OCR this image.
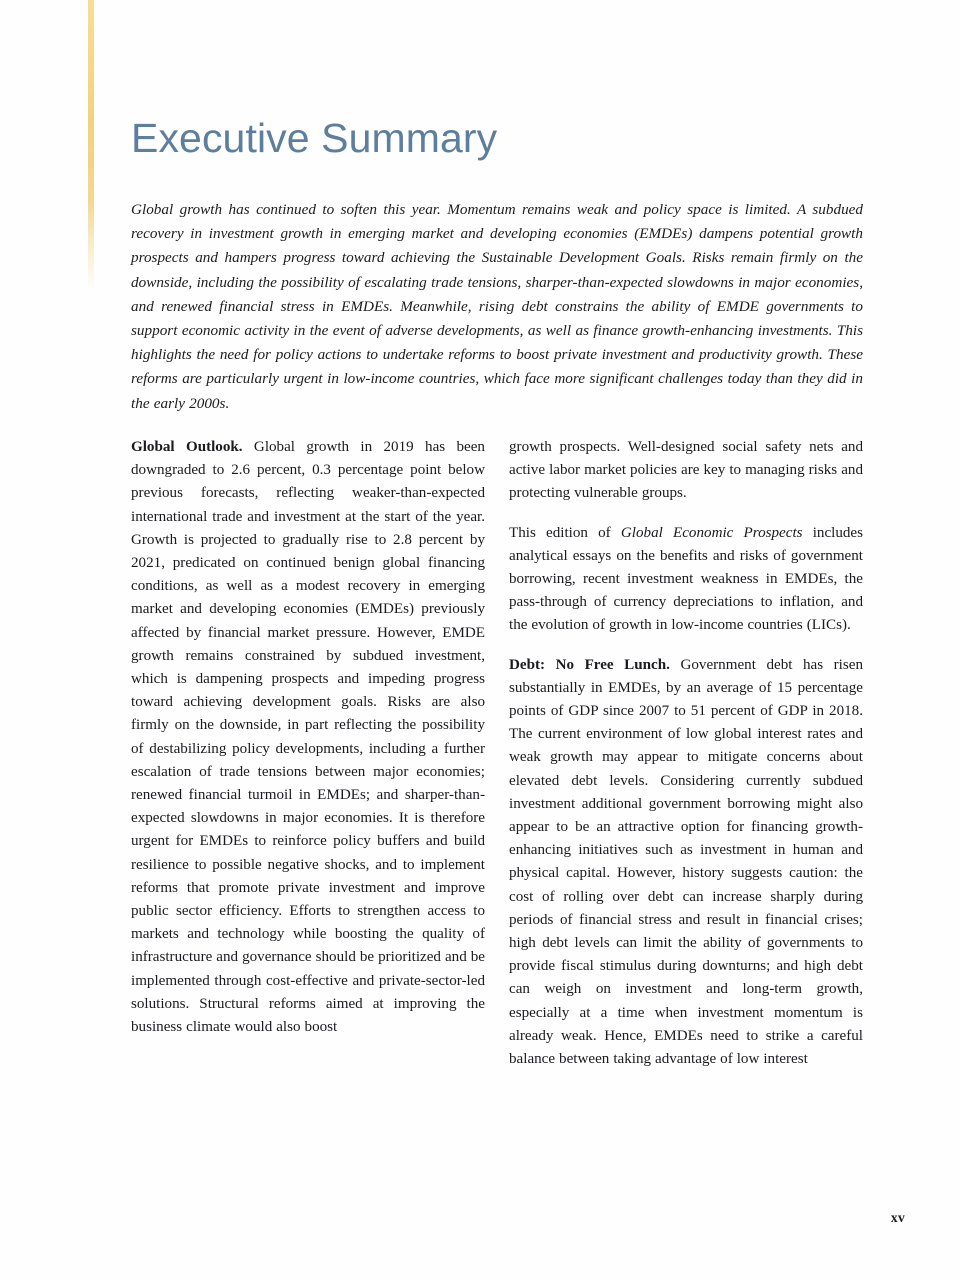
Executive Summary

Global growth has continued to soften this year. Momentum remains weak and policy space is limited. A subdued recovery in investment growth in emerging market and developing economies (EMDEs) dampens potential growth prospects and hampers progress toward achieving the Sustainable Development Goals. Risks remain firmly on the downside, including the possibility of escalating trade tensions, sharper-than-expected slowdowns in major economies, and renewed financial stress in EMDEs. Meanwhile, rising debt constrains the ability of EMDE governments to support economic activity in the event of adverse developments, as well as finance growth-enhancing investments. This highlights the need for policy actions to undertake reforms to boost private investment and productivity growth. These reforms are particularly urgent in low-income countries, which face more significant challenges today than they did in the early 2000s.

Global Outlook. Global growth in 2019 has been downgraded to 2.6 percent, 0.3 percentage point below previous forecasts, reflecting weaker-than-expected international trade and investment at the start of the year. Growth is projected to gradually rise to 2.8 percent by 2021, predicated on continued benign global financing conditions, as well as a modest recovery in emerging market and developing economies (EMDEs) previously affected by financial market pressure. However, EMDE growth remains constrained by subdued investment, which is dampening prospects and impeding progress toward achieving development goals. Risks are also firmly on the downside, in part reflecting the possibility of destabilizing policy developments, including a further escalation of trade tensions between major economies; renewed financial turmoil in EMDEs; and sharper-than-expected slowdowns in major economies. It is therefore urgent for EMDEs to reinforce policy buffers and build resilience to possible negative shocks, and to implement reforms that promote private investment and improve public sector efficiency. Efforts to strengthen access to markets and technology while boosting the quality of infrastructure and governance should be prioritized and be implemented through cost-effective and private-sector-led solutions. Structural reforms aimed at improving the business climate would also boost

growth prospects. Well-designed social safety nets and active labor market policies are key to managing risks and protecting vulnerable groups.

This edition of Global Economic Prospects includes analytical essays on the benefits and risks of government borrowing, recent investment weakness in EMDEs, the pass-through of currency depreciations to inflation, and the evolution of growth in low-income countries (LICs).

Debt: No Free Lunch. Government debt has risen substantially in EMDEs, by an average of 15 percentage points of GDP since 2007 to 51 percent of GDP in 2018. The current environment of low global interest rates and weak growth may appear to mitigate concerns about elevated debt levels. Considering currently subdued investment additional government borrowing might also appear to be an attractive option for financing growth-enhancing initiatives such as investment in human and physical capital. However, history suggests caution: the cost of rolling over debt can increase sharply during periods of financial stress and result in financial crises; high debt levels can limit the ability of governments to provide fiscal stimulus during downturns; and high debt can weigh on investment and long-term growth, especially at a time when investment momentum is already weak. Hence, EMDEs need to strike a careful balance between taking advantage of low interest

xv
